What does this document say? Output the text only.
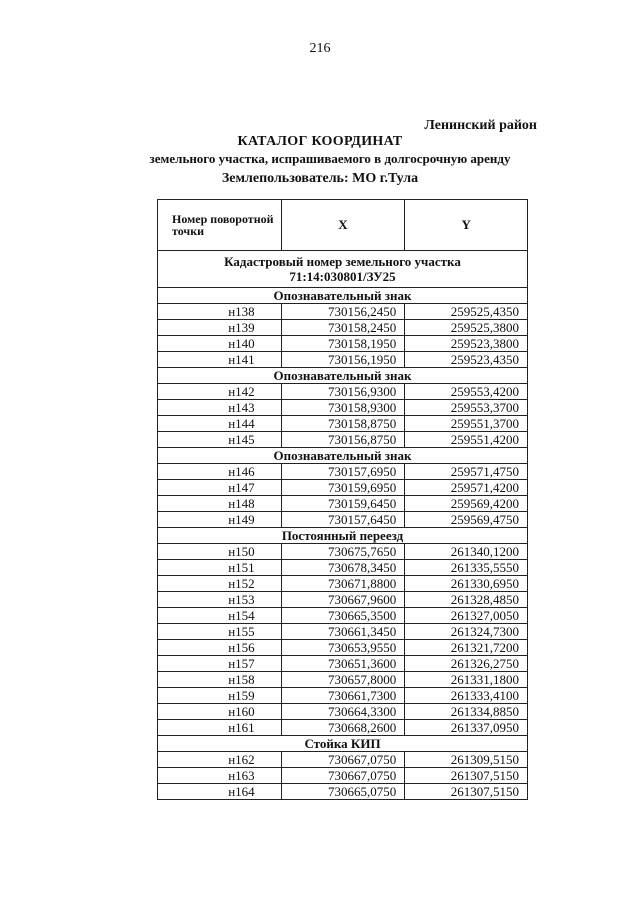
216
Ленинский район
КАТАЛОГ КООРДИНАТ
земельного участка, испрашиваемого в долгосрочную аренду
Землепользователь: МО г.Тула
Номер поворотной точки	X	Y

Кадастровый номер земельного участка
71:14:030801/ЗУ25		

Опознавательный знак		
н138	730156,2450	259525,4350
н139	730158,2450	259525,3800
н140	730158,1950	259523,3800
н141	730156,1950	259523,4350
Опознавательный знак		
н142	730156,9300	259553,4200
н143	730158,9300	259553,3700
н144	730158,8750	259551,3700
н145	730156,8750	259551,4200
Опознавательный знак		
н146	730157,6950	259571,4750
н147	730159,6950	259571,4200
н148	730159,6450	259569,4200
н149	730157,6450	259569,4750
Постоянный переезд		
н150	730675,7650	261340,1200
н151	730678,3450	261335,5550
н152	730671,8800	261330,6950
н153	730667,9600	261328,4850
н154	730665,3500	261327,0050
н155	730661,3450	261324,7300
н156	730653,9550	261321,7200
н157	730651,3600	261326,2750
н158	730657,8000	261331,1800
н159	730661,7300	261333,4100
н160	730664,3300	261334,8850
н161	730668,2600	261337,0950
Стойка КИП		
н162	730667,0750	261309,5150
н163	730667,0750	261307,5150
н164	730665,0750	261307,5150
